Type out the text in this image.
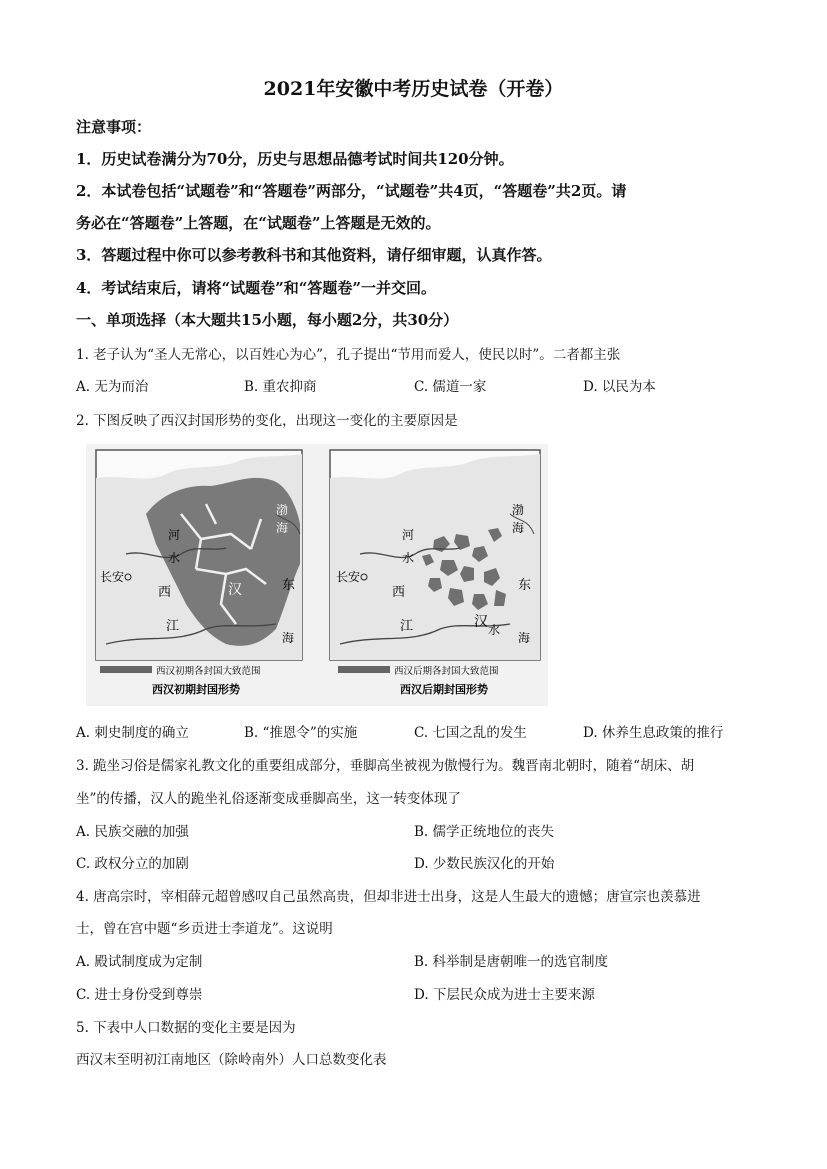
2021年安徽中考历史试卷（开卷）
注意事项：
1．历史试卷满分为70分，历史与思想品德考试时间共120分钟。
2．本试卷包括“试题卷”和“答题卷”两部分，“试题卷”共4页，“答题卷”共2页。请
务必在“答题卷”上答题，在“试题卷”上答题是无效的。
3．答题过程中你可以参考教科书和其他资料，请仔细审题，认真作答。
4．考试结束后，请将“试题卷”和“答题卷”一并交回。
一、单项选择（本大题共15小题，每小题2分，共30分）
1. 老子认为“圣人无常心，以百姓心为心”，孔子提出“节用而爱人，使民以时”。二者都主张
A. 无为而治	B. 重农抑商	C. 儒道一家	D. 以民为本
2. 下图反映了西汉封国形势的变化，出现这一变化的主要原因是
长安
西
江
汉
河
水
东
海
渤
海
西汉初期各封国大致范围
西汉初期封国形势
长安
西
江	汉
河
水
水
东
海
渤
海
西汉后期各封国大致范围
西汉后期封国形势
A. 刺史制度的确立	B. “推恩令”的实施	C. 七国之乱的发生	D. 休养生息政策的推行
3. 跪坐习俗是儒家礼教文化的重要组成部分，垂脚高坐被视为傲慢行为。魏晋南北朝时，随着“胡床、胡
坐”的传播，汉人的跪坐礼俗逐渐变成垂脚高坐，这一转变体现了
A. 民族交融的加强	B. 儒学正统地位的丧失
C. 政权分立的加剧	D. 少数民族汉化的开始
4. 唐高宗时，宰相薛元超曾感叹自己虽然高贵，但却非进士出身，这是人生最大的遗憾；唐宣宗也羡慕进
士，曾在宫中题“乡贡进士李道龙”。这说明
A. 殿试制度成为定制	B. 科举制是唐朝唯一的选官制度
C. 进士身份受到尊崇	D. 下层民众成为进士主要来源
5. 下表中人口数据的变化主要是因为
西汉末至明初江南地区（除岭南外）人口总数变化表
